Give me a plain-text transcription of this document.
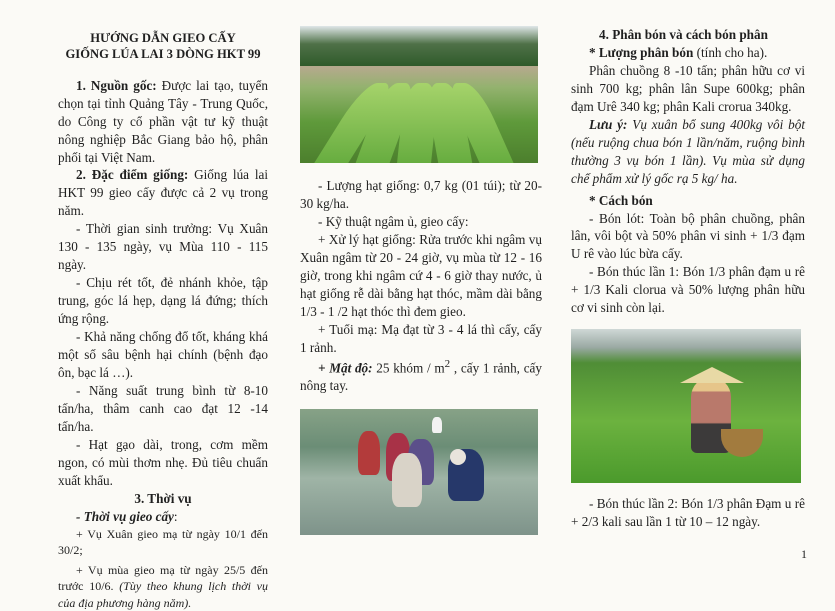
HƯỚNG DẪN GIEO CẤY
GIỐNG LÚA LAI 3 DÒNG HKT 99

1. Nguồn gốc: Được lai tạo, tuyển chọn tại tỉnh Quảng Tây - Trung Quốc, do Công ty cổ phần vật tư kỹ thuật nông nghiệp Bắc Giang bảo hộ, phân phối tại Việt Nam.

2. Đặc điểm giống: Giống lúa lai HKT 99 gieo cấy được cả 2 vụ trong năm.

- Thời gian sinh trưởng: Vụ Xuân 130 - 135 ngày, vụ Mùa 110 - 115 ngày.

- Chịu rét tốt, đẻ nhánh khỏe, tập trung, góc lá hẹp, dạng lá đứng; thích ứng rộng.

- Khả năng chống đổ tốt, kháng khá một số sâu bệnh hại chính (bệnh đạo ôn, bạc lá …).

- Năng suất trung bình từ 8-10 tấn/ha, thâm canh cao đạt 12 -14 tấn/ha.

- Hạt gạo dài, trong, cơm mềm ngon, có mùi thơm nhẹ. Đủ tiêu chuẩn xuất khẩu.

3. Thời vụ

- Thời vụ gieo cấy:

+ Vụ Xuân gieo mạ từ ngày 10/1 đến 30/2;

+ Vụ mùa gieo mạ từ ngày 25/5 đến trước 10/6. (Tùy theo khung lịch thời vụ của địa phương hàng năm).

- Lượng hạt giống: 0,7 kg (01 túi); từ 20-30 kg/ha.

- Kỹ thuật ngâm ủ, gieo cấy:

+ Xử lý hạt giống: Rửa trước khi ngâm vụ Xuân ngâm từ 20 - 24 giờ, vụ mùa từ 12 - 16 giờ, trong khi ngâm cứ 4 - 6 giờ thay nước, ủ hạt giống rễ dài bằng hạt thóc, mầm dài bằng 1/3 - 1 /2 hạt thóc thì đem gieo.

+ Tuổi mạ: Mạ đạt từ 3 - 4 lá thì cấy, cấy 1 rảnh.

+ Mật độ: 25 khóm / $m^2$ , cấy 1 rảnh, cấy nông tay.

4. Phân bón và cách bón phân

* Lượng phân bón (tính cho ha).

Phân chuồng 8 -10 tấn; phân hữu cơ vi sinh 700 kg; phân lân Supe 600kg; phân đạm Urê 340 kg; phân Kali crorua 340kg.

Lưu ý: Vụ xuân bổ sung 400kg vôi bột (nếu ruộng chua bón 1 lần/năm, ruộng bình thường 3 vụ bón 1 lần). Vụ mùa sử dụng chế phẩm xử lý gốc rạ 5 kg/ ha.

* Cách bón

- Bón lót: Toàn bộ phân chuồng, phân lân, vôi bột và 50% phân vi sinh + 1/3 đạm U rê vào lúc bừa cấy.

- Bón thúc lần 1: Bón 1/3 phân đạm u rê + 1/3 Kali clorua và 50% lượng phân hữu cơ vi sinh còn lại.

- Bón thúc lần 2: Bón 1/3 phân Đạm u rê + 2/3 kali sau lần 1 từ 10 – 12 ngày.

1
